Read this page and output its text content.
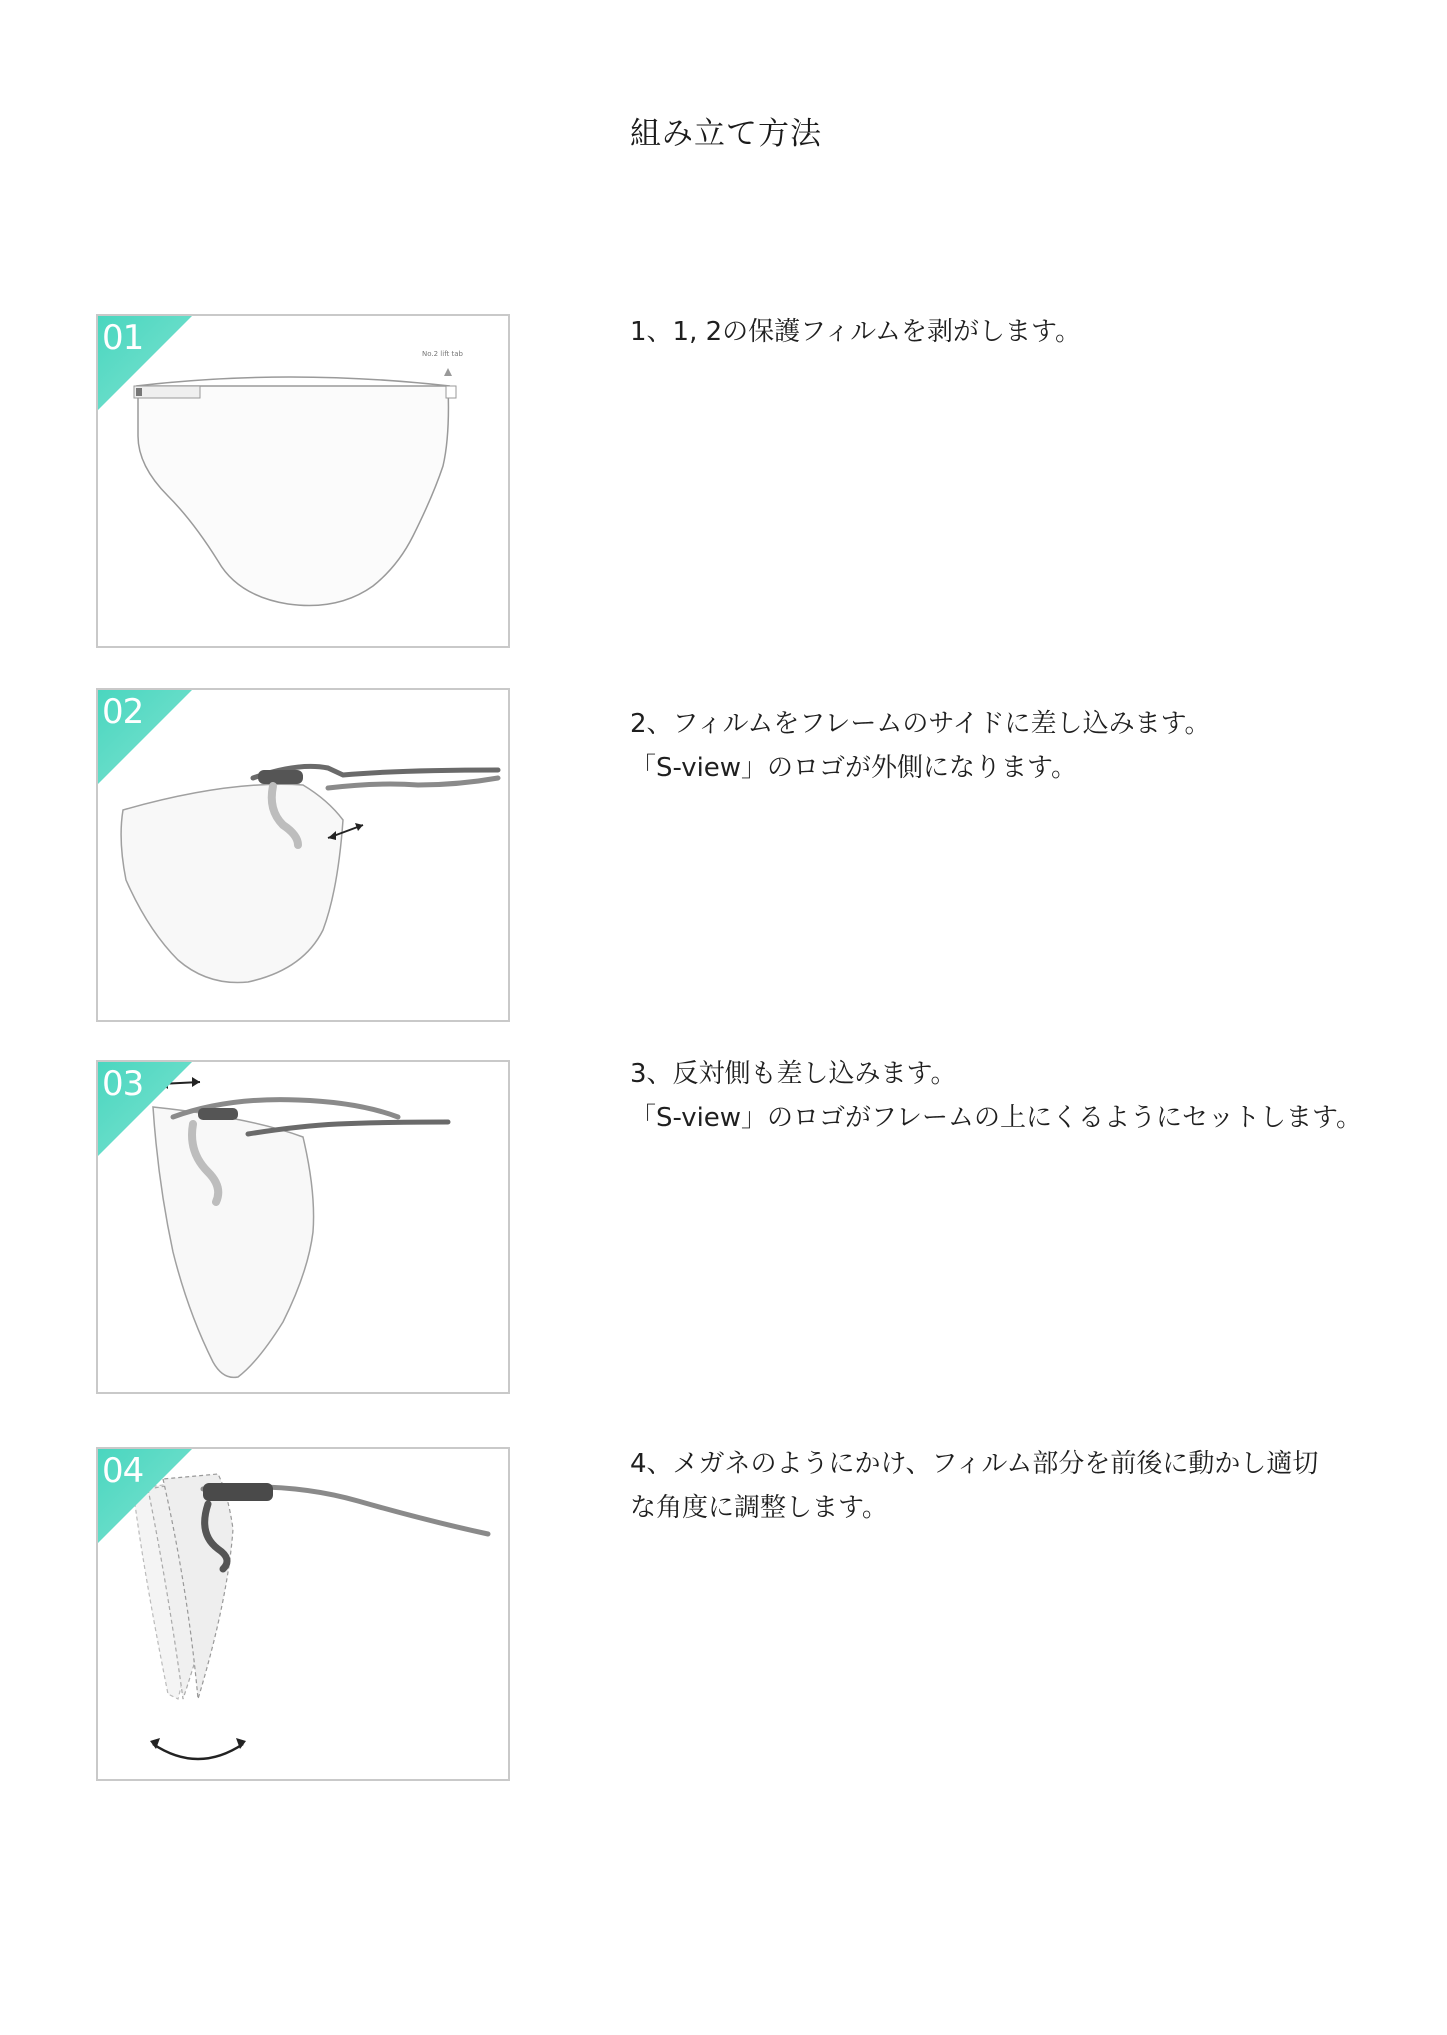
組み立て方法
No.2 lift tab
01	1、1, 2の保護フィルムを剥がします。
02	2、フィルムをフレームのサイドに差し込みます。
「S-view」のロゴが外側になります。
03	3、反対側も差し込みます。
「S-view」のロゴがフレームの上にくるようにセットします。
04	4、メガネのようにかけ、フィルム部分を前後に動かし適切
な角度に調整します。
